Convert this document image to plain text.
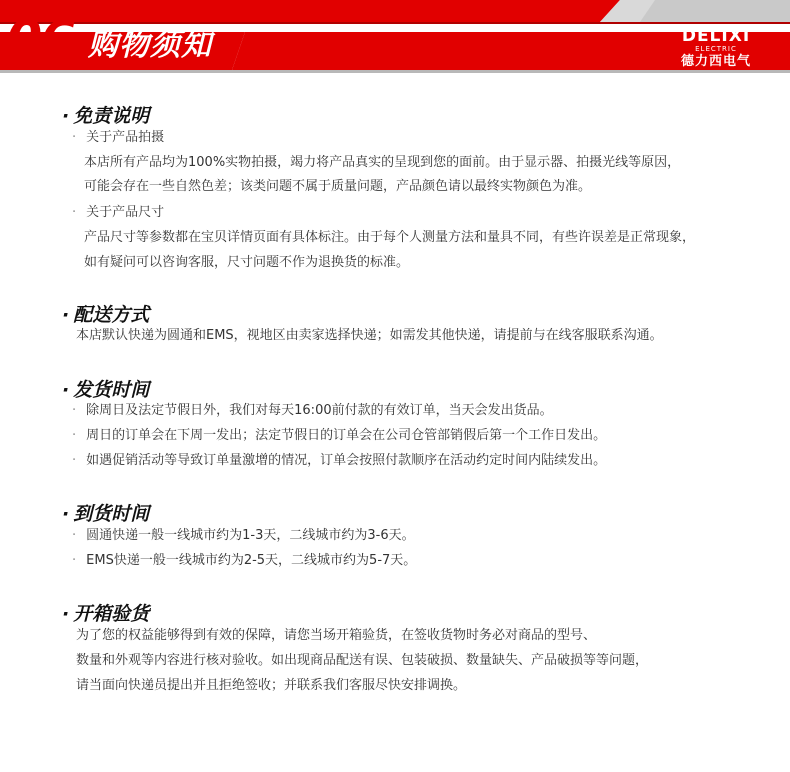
06 购物须知	DELIXI
ELECTRIC
德力西电气
· 免责说明
· 关于产品拍摄
本店所有产品均为100%实物拍摄，竭力将产品真实的呈现到您的面前。由于显示器、拍摄光线等原因，
可能会存在一些自然色差；该类问题不属于质量问题，产品颜色请以最终实物颜色为准。
· 关于产品尺寸
产品尺寸等参数都在宝贝详情页面有具体标注。由于每个人测量方法和量具不同，有些许误差是正常现象，
如有疑问可以咨询客服，尺寸问题不作为退换货的标准。
· 配送方式
本店默认快递为圆通和EMS，视地区由卖家选择快递；如需发其他快递，请提前与在线客服联系沟通。
· 发货时间
· 除周日及法定节假日外，我们对每天16:00前付款的有效订单，当天会发出货品。
· 周日的订单会在下周一发出；法定节假日的订单会在公司仓管部销假后第一个工作日发出。
· 如遇促销活动等导致订单量激增的情况，订单会按照付款顺序在活动约定时间内陆续发出。
· 到货时间
· 圆通快递一般一线城市约为1-3天，二线城市约为3-6天。
· EMS快递一般一线城市约为2-5天，二线城市约为5-7天。
· 开箱验货
为了您的权益能够得到有效的保障，请您当场开箱验货，在签收货物时务必对商品的型号、
数量和外观等内容进行核对验收。如出现商品配送有误、包装破损、数量缺失、产品破损等等问题，
请当面向快递员提出并且拒绝签收；并联系我们客服尽快安排调换。
